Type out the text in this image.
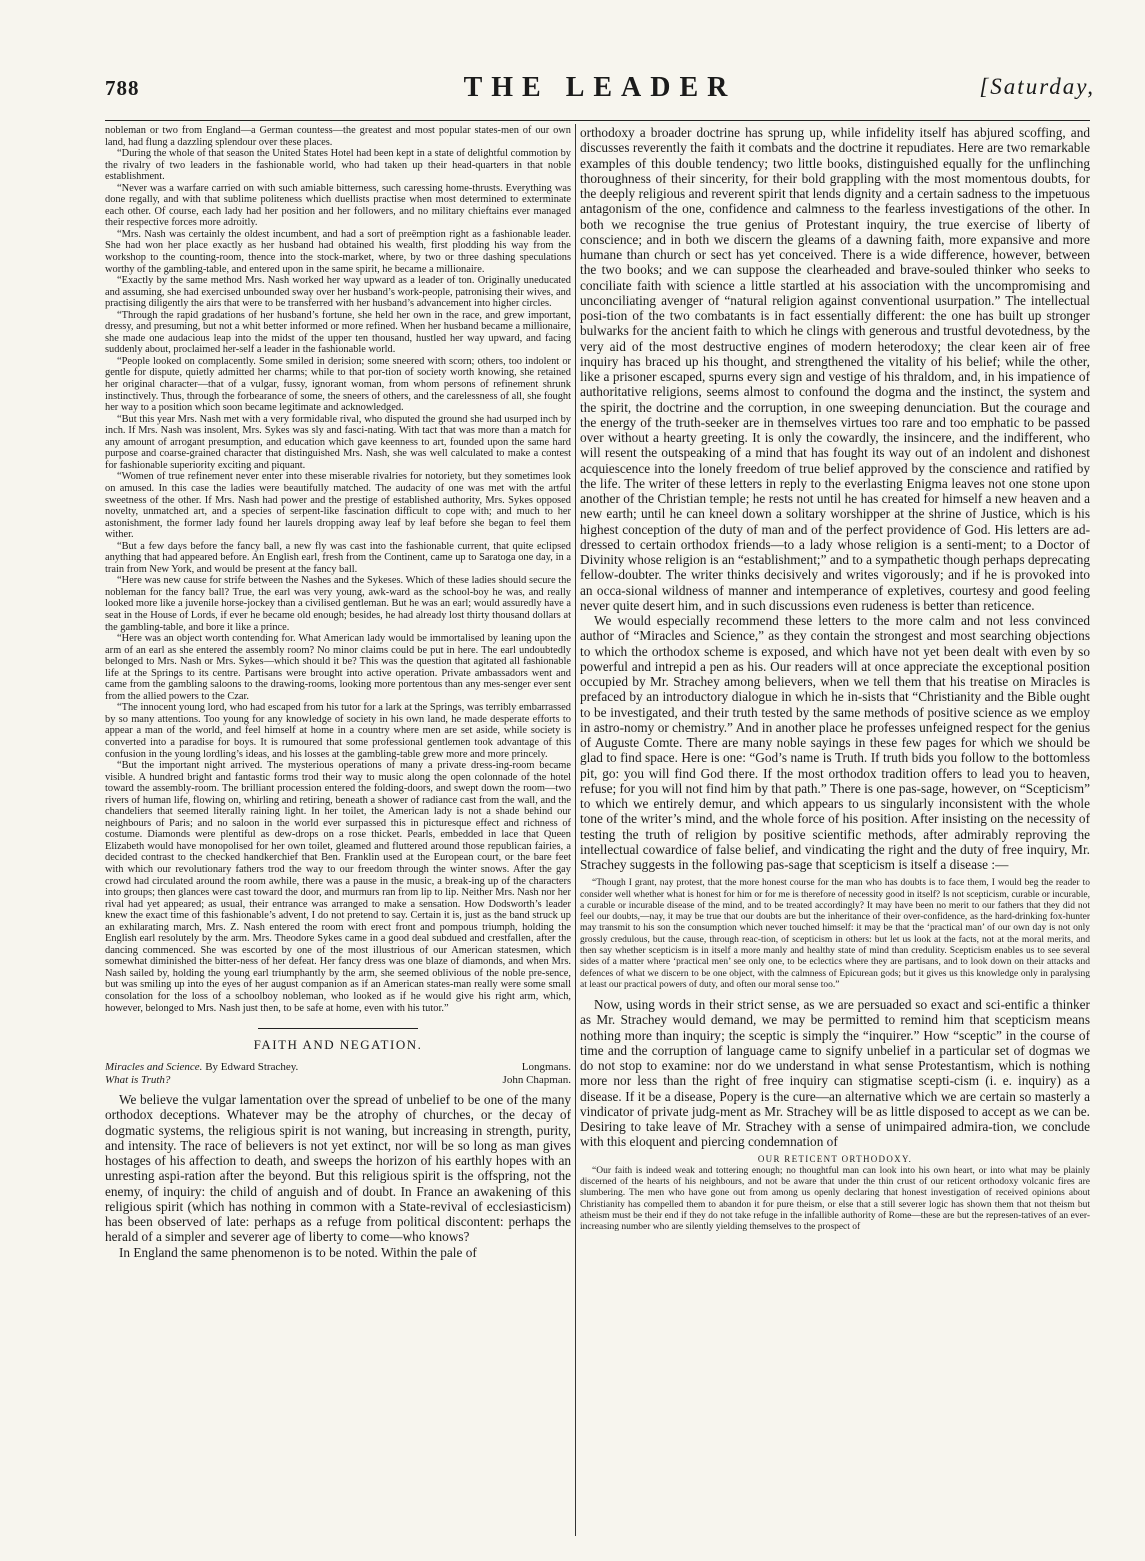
788	THE LEADER	[Saturday,

nobleman or two from England—a German countess—the greatest and most popular states-men of our own land, had flung a dazzling splendour over these places.

“During the whole of that season the United States Hotel had been kept in a state of delightful commotion by the rivalry of two leaders in the fashionable world, who had taken up their head-quarters in that noble establishment.

“Never was a warfare carried on with such amiable bitterness, such caressing home-thrusts. Everything was done regally, and with that sublime politeness which duellists practise when most determined to exterminate each other. Of course, each lady had her position and her followers, and no military chieftains ever managed their respective forces more adroitly.

“Mrs. Nash was certainly the oldest incumbent, and had a sort of preëmption right as a fashionable leader. She had won her place exactly as her husband had obtained his wealth, first plodding his way from the workshop to the counting-room, thence into the stock-market, where, by two or three dashing speculations worthy of the gambling-table, and entered upon in the same spirit, he became a millionaire.

“Exactly by the same method Mrs. Nash worked her way upward as a leader of ton. Originally uneducated and assuming, she had exercised unbounded sway over her husband’s work-people, patronising their wives, and practising diligently the airs that were to be transferred with her husband’s advancement into higher circles.

“Through the rapid gradations of her husband’s fortune, she held her own in the race, and grew important, dressy, and presuming, but not a whit better informed or more refined. When her husband became a millionaire, she made one audacious leap into the midst of the upper ten thousand, hustled her way upward, and facing suddenly about, proclaimed her-self a leader in the fashionable world.

“People looked on complacently. Some smiled in derision; some sneered with scorn; others, too indolent or gentle for dispute, quietly admitted her charms; while to that por-tion of society worth knowing, she retained her original character—that of a vulgar, fussy, ignorant woman, from whom persons of refinement shrunk instinctively. Thus, through the forbearance of some, the sneers of others, and the carelessness of all, she fought her way to a position which soon became legitimate and acknowledged.

“But this year Mrs. Nash met with a very formidable rival, who disputed the ground she had usurped inch by inch. If Mrs. Nash was insolent, Mrs. Sykes was sly and fasci-nating. With tact that was more than a match for any amount of arrogant presumption, and education which gave keenness to art, founded upon the same hard purpose and coarse-grained character that distinguished Mrs. Nash, she was well calculated to make a contest for fashionable superiority exciting and piquant.

“Women of true refinement never enter into these miserable rivalries for notoriety, but they sometimes look on amused. In this case the ladies were beautifully matched. The audacity of one was met with the artful sweetness of the other. If Mrs. Nash had power and the prestige of established authority, Mrs. Sykes opposed novelty, unmatched art, and a species of serpent-like fascination difficult to cope with; and much to her astonishment, the former lady found her laurels dropping away leaf by leaf before she began to feel them wither.

“But a few days before the fancy ball, a new fly was cast into the fashionable current, that quite eclipsed anything that had appeared before. An English earl, fresh from the Continent, came up to Saratoga one day, in a train from New York, and would be present at the fancy ball.

“Here was new cause for strife between the Nashes and the Sykeses. Which of these ladies should secure the nobleman for the fancy ball? True, the earl was very young, awk-ward as the school-boy he was, and really looked more like a juvenile horse-jockey than a civilised gentleman. But he was an earl; would assuredly have a seat in the House of Lords, if ever he became old enough; besides, he had already lost thirty thousand dollars at the gambling-table, and bore it like a prince.

“Here was an object worth contending for. What American lady would be immortalised by leaning upon the arm of an earl as she entered the assembly room? No minor claims could be put in here. The earl undoubtedly belonged to Mrs. Nash or Mrs. Sykes—which should it be? This was the question that agitated all fashionable life at the Springs to its centre. Partisans were brought into active operation. Private ambassadors went and came from the gambling saloons to the drawing-rooms, looking more portentous than any mes-senger ever sent from the allied powers to the Czar.

“The innocent young lord, who had escaped from his tutor for a lark at the Springs, was terribly embarrassed by so many attentions. Too young for any knowledge of society in his own land, he made desperate efforts to appear a man of the world, and feel himself at home in a country where men are set aside, while society is converted into a paradise for boys. It is rumoured that some professional gentlemen took advantage of this confusion in the young lordling’s ideas, and his losses at the gambling-table grew more and more princely.

“But the important night arrived. The mysterious operations of many a private dress-ing-room became visible. A hundred bright and fantastic forms trod their way to music along the open colonnade of the hotel toward the assembly-room. The brilliant procession entered the folding-doors, and swept down the room—two rivers of human life, flowing on, whirling and retiring, beneath a shower of radiance cast from the wall, and the chandeliers that seemed literally raining light. In her toilet, the American lady is not a shade behind our neighbours of Paris; and no saloon in the world ever surpassed this in picturesque effect and richness of costume. Diamonds were plentiful as dew-drops on a rose thicket. Pearls, embedded in lace that Queen Elizabeth would have monopolised for her own toilet, gleamed and fluttered around those republican fairies, a decided contrast to the checked handkerchief that Ben. Franklin used at the European court, or the bare feet with which our revolutionary fathers trod the way to our freedom through the winter snows. After the gay crowd had circulated around the room awhile, there was a pause in the music, a break-ing up of the characters into groups; then glances were cast toward the door, and murmurs ran from lip to lip. Neither Mrs. Nash nor her rival had yet appeared; as usual, their entrance was arranged to make a sensation. How Dodsworth’s leader knew the exact time of this fashionable’s advent, I do not pretend to say. Certain it is, just as the band struck up an exhilarating march, Mrs. Z. Nash entered the room with erect front and pompous triumph, holding the English earl resolutely by the arm. Mrs. Theodore Sykes came in a good deal subdued and crestfallen, after the dancing commenced. She was escorted by one of the most illustrious of our American statesmen, which somewhat diminished the bitter-ness of her defeat. Her fancy dress was one blaze of diamonds, and when Mrs. Nash sailed by, holding the young earl triumphantly by the arm, she seemed oblivious of the noble pre-sence, but was smiling up into the eyes of her august companion as if an American states-man really were some small consolation for the loss of a schoolboy nobleman, who looked as if he would give his right arm, which, however, belonged to Mrs. Nash just then, to be safe at home, even with his tutor.”

FAITH AND NEGATION.
Miracles and Science. By Edward Strachey.	Longmans.
What is Truth?	John Chapman.

We believe the vulgar lamentation over the spread of unbelief to be one of the many orthodox deceptions. Whatever may be the atrophy of churches, or the decay of dogmatic systems, the religious spirit is not waning, but increasing in strength, purity, and intensity. The race of believers is not yet extinct, nor will be so long as man gives hostages of his affection to death, and sweeps the horizon of his earthly hopes with an unresting aspi-ration after the beyond. But this religious spirit is the offspring, not the enemy, of inquiry: the child of anguish and of doubt. In France an awakening of this religious spirit (which has nothing in common with a State-revival of ecclesiasticism) has been observed of late: perhaps as a refuge from political discontent: perhaps the herald of a simpler and severer age of liberty to come—who knows?

In England the same phenomenon is to be noted. Within the pale of

orthodoxy a broader doctrine has sprung up, while infidelity itself has abjured scoffing, and discusses reverently the faith it combats and the doctrine it repudiates. Here are two remarkable examples of this double tendency; two little books, distinguished equally for the unflinching thoroughness of their sincerity, for their bold grappling with the most momentous doubts, for the deeply religious and reverent spirit that lends dignity and a certain sadness to the impetuous antagonism of the one, confidence and calmness to the fearless investigations of the other. In both we recognise the true genius of Protestant inquiry, the true exercise of liberty of conscience; and in both we discern the gleams of a dawning faith, more expansive and more humane than church or sect has yet conceived. There is a wide difference, however, between the two books; and we can suppose the clearheaded and brave-souled thinker who seeks to conciliate faith with science a little startled at his association with the uncompromising and unconciliating avenger of “natural religion against conventional usurpation.” The intellectual posi-tion of the two combatants is in fact essentially different: the one has built up stronger bulwarks for the ancient faith to which he clings with generous and trustful devotedness, by the very aid of the most destructive engines of modern heterodoxy; the clear keen air of free inquiry has braced up his thought, and strengthened the vitality of his belief; while the other, like a prisoner escaped, spurns every sign and vestige of his thraldom, and, in his impatience of authoritative religions, seems almost to confound the dogma and the instinct, the system and the spirit, the doctrine and the corruption, in one sweeping denunciation. But the courage and the energy of the truth-seeker are in themselves virtues too rare and too emphatic to be passed over without a hearty greeting. It is only the cowardly, the insincere, and the indifferent, who will resent the outspeaking of a mind that has fought its way out of an indolent and dishonest acquiescence into the lonely freedom of true belief approved by the conscience and ratified by the life. The writer of these letters in reply to the everlasting Enigma leaves not one stone upon another of the Christian temple; he rests not until he has created for himself a new heaven and a new earth; until he can kneel down a solitary worshipper at the shrine of Justice, which is his highest conception of the duty of man and of the perfect providence of God. His letters are ad-dressed to certain orthodox friends—to a lady whose religion is a senti-ment; to a Doctor of Divinity whose religion is an “establishment;” and to a sympathetic though perhaps deprecating fellow-doubter. The writer thinks decisively and writes vigorously; and if he is provoked into an occa-sional wildness of manner and intemperance of expletives, courtesy and good feeling never quite desert him, and in such discussions even rudeness is better than reticence.

We would especially recommend these letters to the more calm and not less convinced author of “Miracles and Science,” as they contain the strongest and most searching objections to which the orthodox scheme is exposed, and which have not yet been dealt with even by so powerful and intrepid a pen as his. Our readers will at once appreciate the exceptional position occupied by Mr. Strachey among believers, when we tell them that his treatise on Miracles is prefaced by an introductory dialogue in which he in-sists that “Christianity and the Bible ought to be investigated, and their truth tested by the same methods of positive science as we employ in astro-nomy or chemistry.” And in another place he professes unfeigned respect for the genius of Auguste Comte. There are many noble sayings in these few pages for which we should be glad to find space. Here is one: “God’s name is Truth. If truth bids you follow to the bottomless pit, go: you will find God there. If the most orthodox tradition offers to lead you to heaven, refuse; for you will not find him by that path.” There is one pas-sage, however, on “Scepticism” to which we entirely demur, and which appears to us singularly inconsistent with the whole tone of the writer’s mind, and the whole force of his position. After insisting on the necessity of testing the truth of religion by positive scientific methods, after admirably reproving the intellectual cowardice of false belief, and vindicating the right and the duty of free inquiry, Mr. Strachey suggests in the following pas-sage that scepticism is itself a disease :—

“Though I grant, nay protest, that the more honest course for the man who has doubts is to face them, I would beg the reader to consider well whether what is honest for him or for me is therefore of necessity good in itself? Is not scepticism, curable or incurable, a curable or incurable disease of the mind, and to be treated accordingly? It may have been no merit to our fathers that they did not feel our doubts,—nay, it may be true that our doubts are but the inheritance of their over-confidence, as the hard-drinking fox-hunter may transmit to his son the consumption which never touched himself: it may be that the ‘practical man’ of our own day is not only grossly credulous, but the cause, through reac-tion, of scepticism in others: but let us look at the facts, not at the moral merits, and then say whether scepticism is in itself a more manly and healthy state of mind than credulity. Scepticism enables us to see several sides of a matter where ‘practical men’ see only one, to be eclectics where they are partisans, and to look down on their attacks and defences of what we discern to be one object, with the calmness of Epicurean gods; but it gives us this knowledge only in paralysing at least our practical powers of duty, and often our moral sense too.”

Now, using words in their strict sense, as we are persuaded so exact and sci-entific a thinker as Mr. Strachey would demand, we may be permitted to remind him that scepticism means nothing more than inquiry; the sceptic is simply the “inquirer.” How “sceptic” in the course of time and the corruption of language came to signify unbelief in a particular set of dogmas we do not stop to examine: nor do we understand in what sense Protestantism, which is nothing more nor less than the right of free inquiry can stigmatise scepti-cism (i. e. inquiry) as a disease. If it be a disease, Popery is the cure—an alternative which we are certain so masterly a vindicator of private judg-ment as Mr. Strachey will be as little disposed to accept as we can be. Desiring to take leave of Mr. Strachey with a sense of unimpaired admira-tion, we conclude with this eloquent and piercing condemnation of

OUR RETICENT ORTHODOXY.

“Our faith is indeed weak and tottering enough; no thoughtful man can look into his own heart, or into what may be plainly discerned of the hearts of his neighbours, and not be aware that under the thin crust of our reticent orthodoxy volcanic fires are slumbering. The men who have gone out from among us openly declaring that honest investigation of received opinions about Christianity has compelled them to abandon it for pure theism, or else that a still severer logic has shown them that not theism but atheism must be their end if they do not take refuge in the infallible authority of Rome—these are but the represen-tatives of an ever-increasing number who are silently yielding themselves to the prospect of
